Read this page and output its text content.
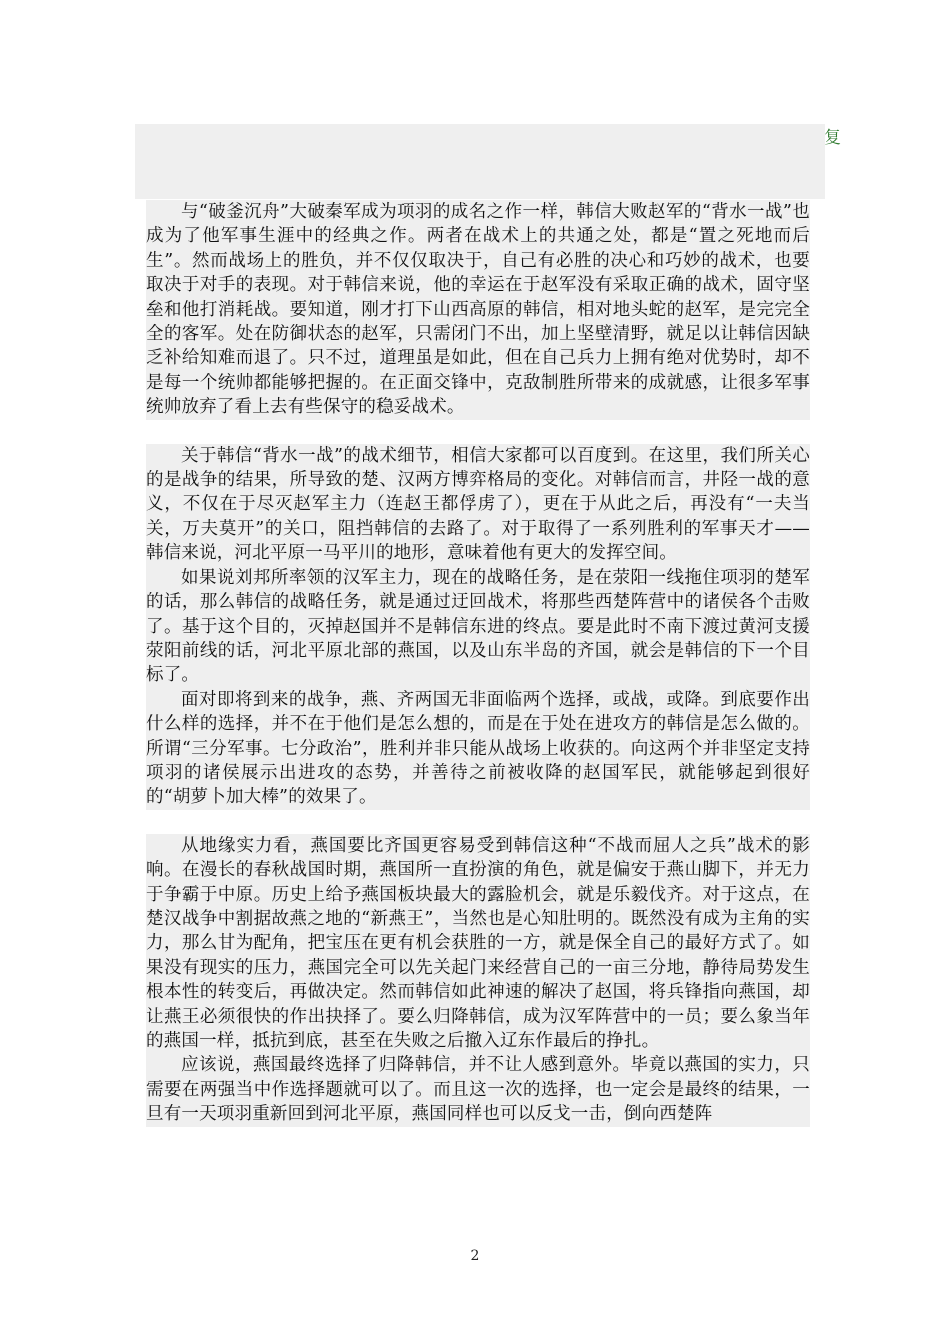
复

与“破釜沉舟”大破秦军成为项羽的成名之作一样，韩信大败赵军的“背水一战”也成为了他军事生涯中的经典之作。两者在战术上的共通之处，都是“置之死地而后生”。然而战场上的胜负，并不仅仅取决于，自己有必胜的决心和巧妙的战术，也要取决于对手的表现。对于韩信来说，他的幸运在于赵军没有采取正确的战术，固守坚垒和他打消耗战。要知道，刚才打下山西高原的韩信，相对地头蛇的赵军，是完完全全的客军。处在防御状态的赵军，只需闭门不出，加上坚壁清野，就足以让韩信因缺乏补给知难而退了。只不过，道理虽是如此，但在自己兵力上拥有绝对优势时，却不是每一个统帅都能够把握的。在正面交锋中，克敌制胜所带来的成就感，让很多军事统帅放弃了看上去有些保守的稳妥战术。

关于韩信“背水一战”的战术细节，相信大家都可以百度到。在这里，我们所关心的是战争的结果，所导致的楚、汉两方博弈格局的变化。对韩信而言，井陉一战的意义，不仅在于尽灭赵军主力（连赵王都俘虏了），更在于从此之后，再没有“一夫当关，万夫莫开”的关口，阻挡韩信的去路了。对于取得了一系列胜利的军事天才——韩信来说，河北平原一马平川的地形，意味着他有更大的发挥空间。

如果说刘邦所率领的汉军主力，现在的战略任务，是在荥阳一线拖住项羽的楚军的话，那么韩信的战略任务，就是通过迂回战术，将那些西楚阵营中的诸侯各个击败了。基于这个目的，灭掉赵国并不是韩信东进的终点。要是此时不南下渡过黄河支援荥阳前线的话，河北平原北部的燕国，以及山东半岛的齐国，就会是韩信的下一个目标了。

面对即将到来的战争，燕、齐两国无非面临两个选择，或战，或降。到底要作出什么样的选择，并不在于他们是怎么想的，而是在于处在进攻方的韩信是怎么做的。所谓“三分军事。七分政治”，胜利并非只能从战场上收获的。向这两个并非坚定支持项羽的诸侯展示出进攻的态势，并善待之前被收降的赵国军民，就能够起到很好的“胡萝卜加大棒”的效果了。

从地缘实力看，燕国要比齐国更容易受到韩信这种“不战而屈人之兵”战术的影响。在漫长的春秋战国时期，燕国所一直扮演的角色，就是偏安于燕山脚下，并无力于争霸于中原。历史上给予燕国板块最大的露脸机会，就是乐毅伐齐。对于这点，在楚汉战争中割据故燕之地的“新燕王”，当然也是心知肚明的。既然没有成为主角的实力，那么甘为配角，把宝压在更有机会获胜的一方，就是保全自己的最好方式了。如果没有现实的压力，燕国完全可以先关起门来经营自己的一亩三分地，静待局势发生根本性的转变后，再做决定。然而韩信如此神速的解决了赵国，将兵锋指向燕国，却让燕王必须很快的作出抉择了。要么归降韩信，成为汉军阵营中的一员；要么象当年的燕国一样，抵抗到底，甚至在失败之后撤入辽东作最后的挣扎。

应该说，燕国最终选择了归降韩信，并不让人感到意外。毕竟以燕国的实力，只需要在两强当中作选择题就可以了。而且这一次的选择，也一定会是最终的结果，一旦有一天项羽重新回到河北平原，燕国同样也可以反戈一击，倒向西楚阵

2
